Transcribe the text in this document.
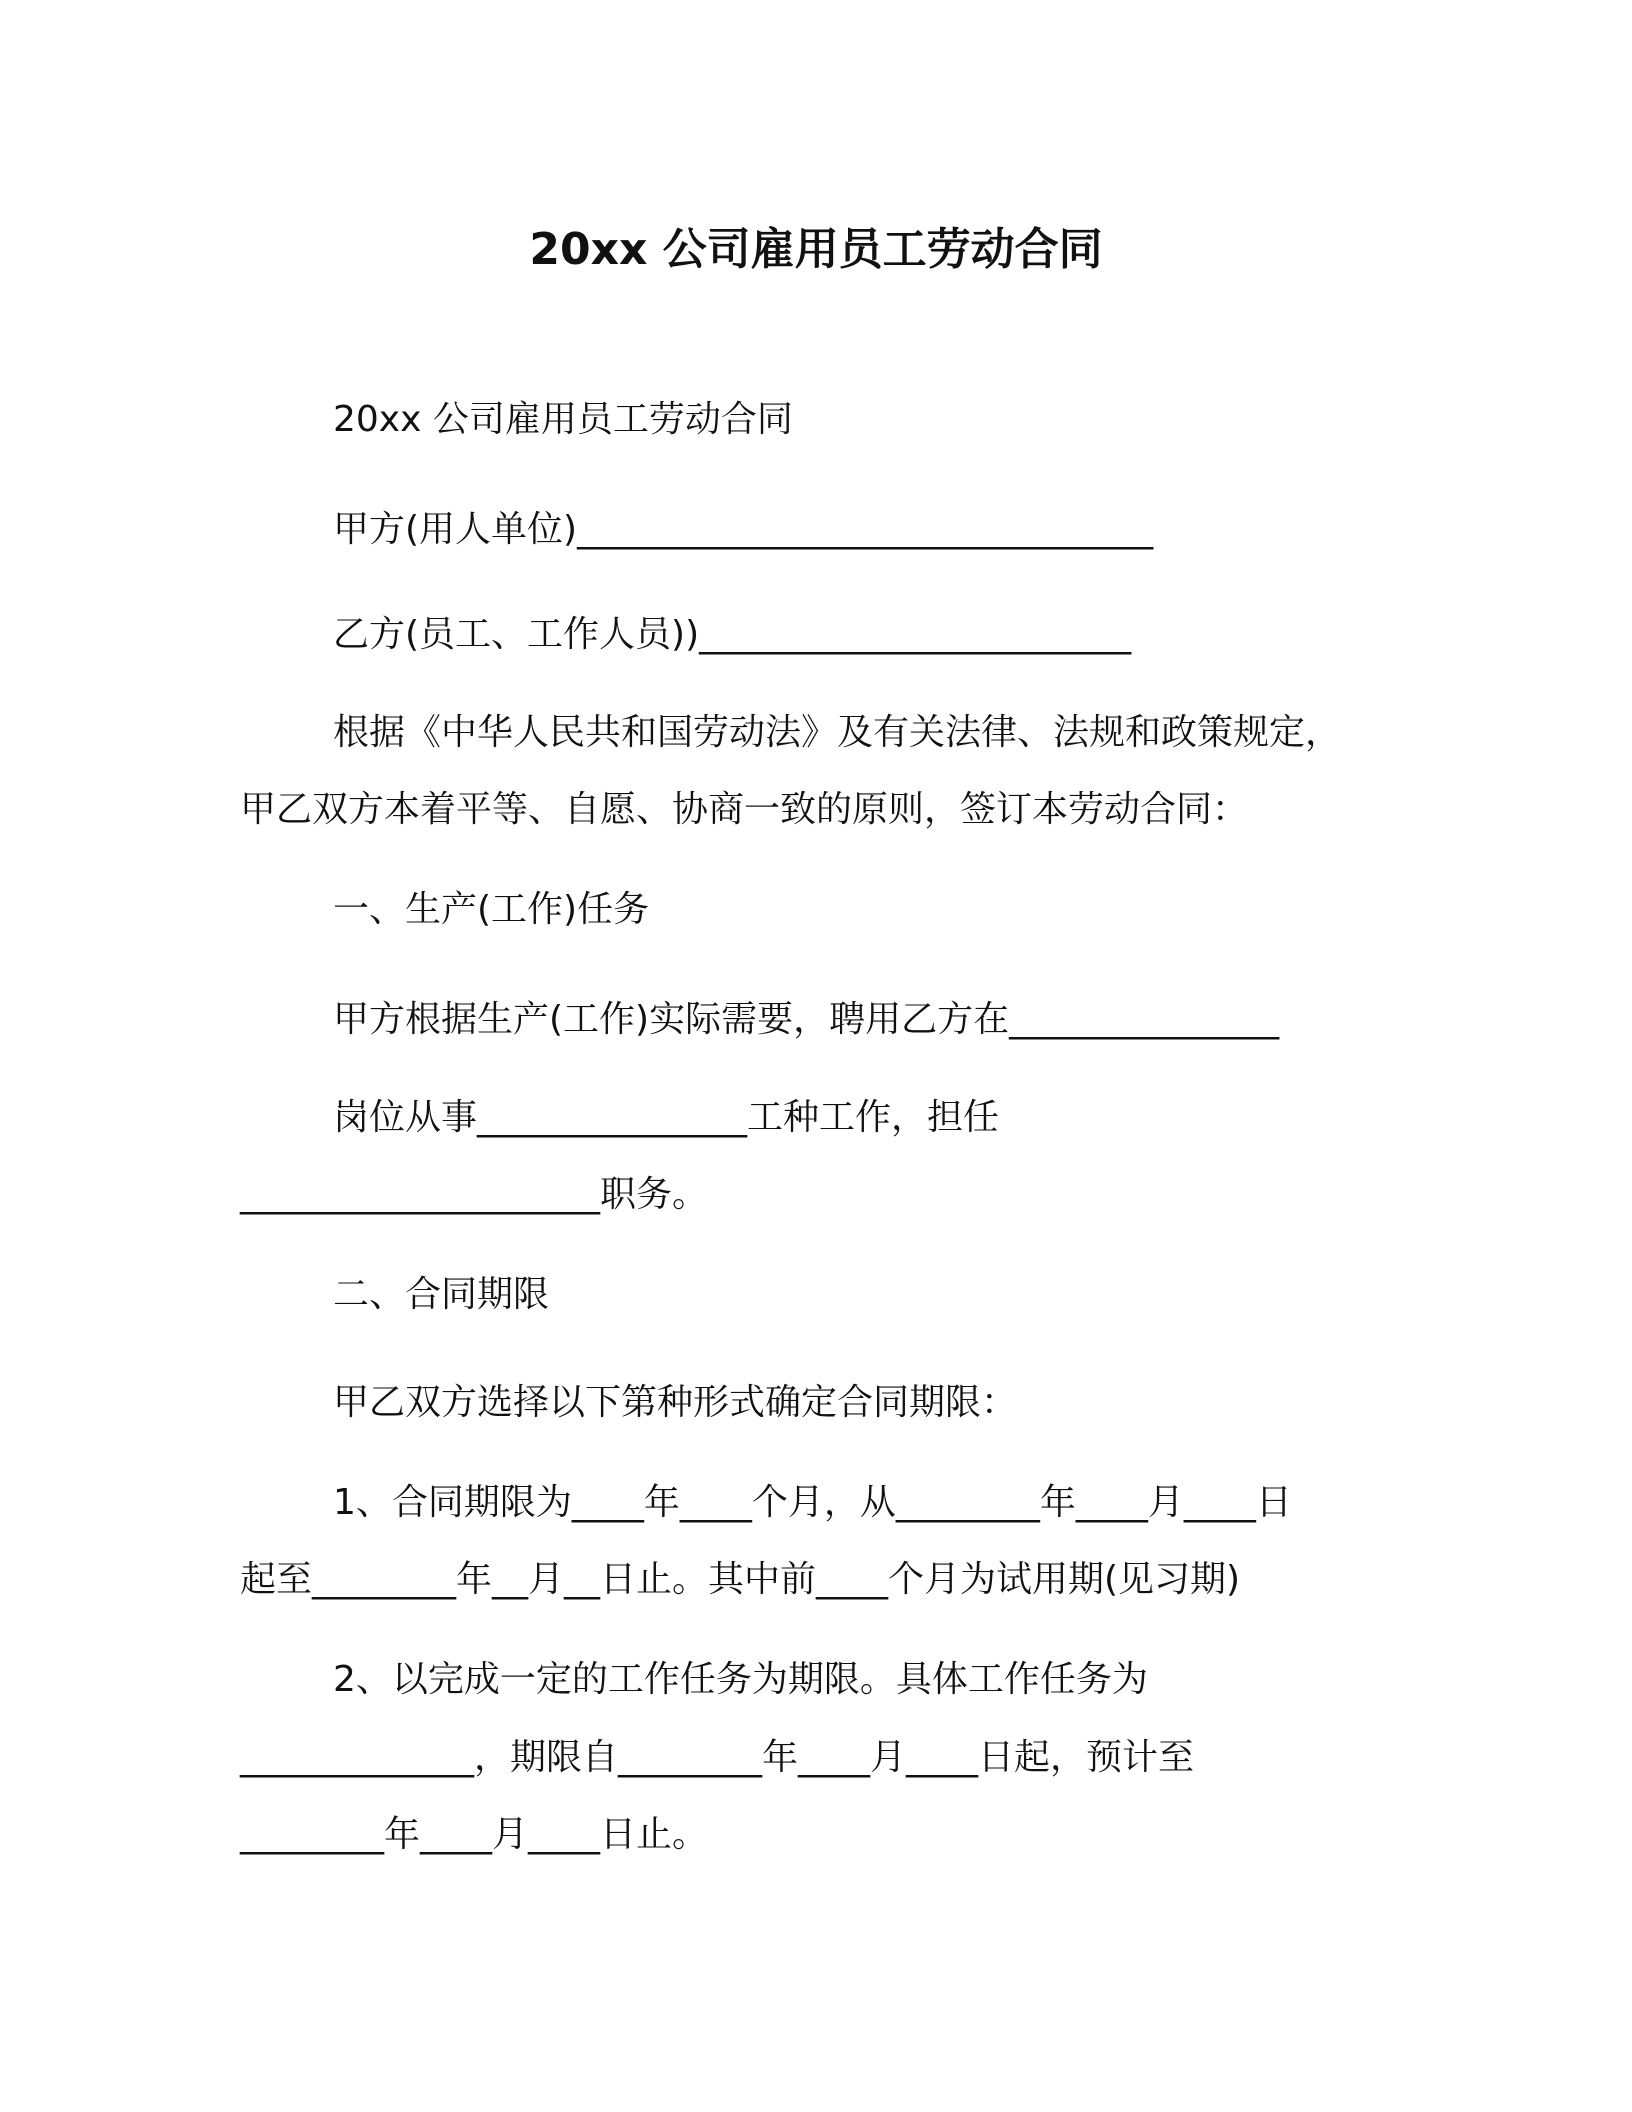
20xx 公司雇用员工劳动合同
20xx 公司雇用员工劳动合同
甲方(用人单位)________________________________
乙方(员工、工作人员))________________________
根据《中华人民共和国劳动法》及有关法律、法规和政策规定，
甲乙双方本着平等、自愿、协商一致的原则，签订本劳动合同：
一、生产(工作)任务
甲方根据生产(工作)实际需要，聘用乙方在_______________
岗位从事_______________工种工作，担任
____________________职务。
二、合同期限
甲乙双方选择以下第种形式确定合同期限：
1、合同期限为____年____个月，从________年____月____日
起至________年__月__日止。其中前____个月为试用期(见习期)
2、以完成一定的工作任务为期限。具体工作任务为
_____________，期限自________年____月____日起，预计至
________年____月____日止。
